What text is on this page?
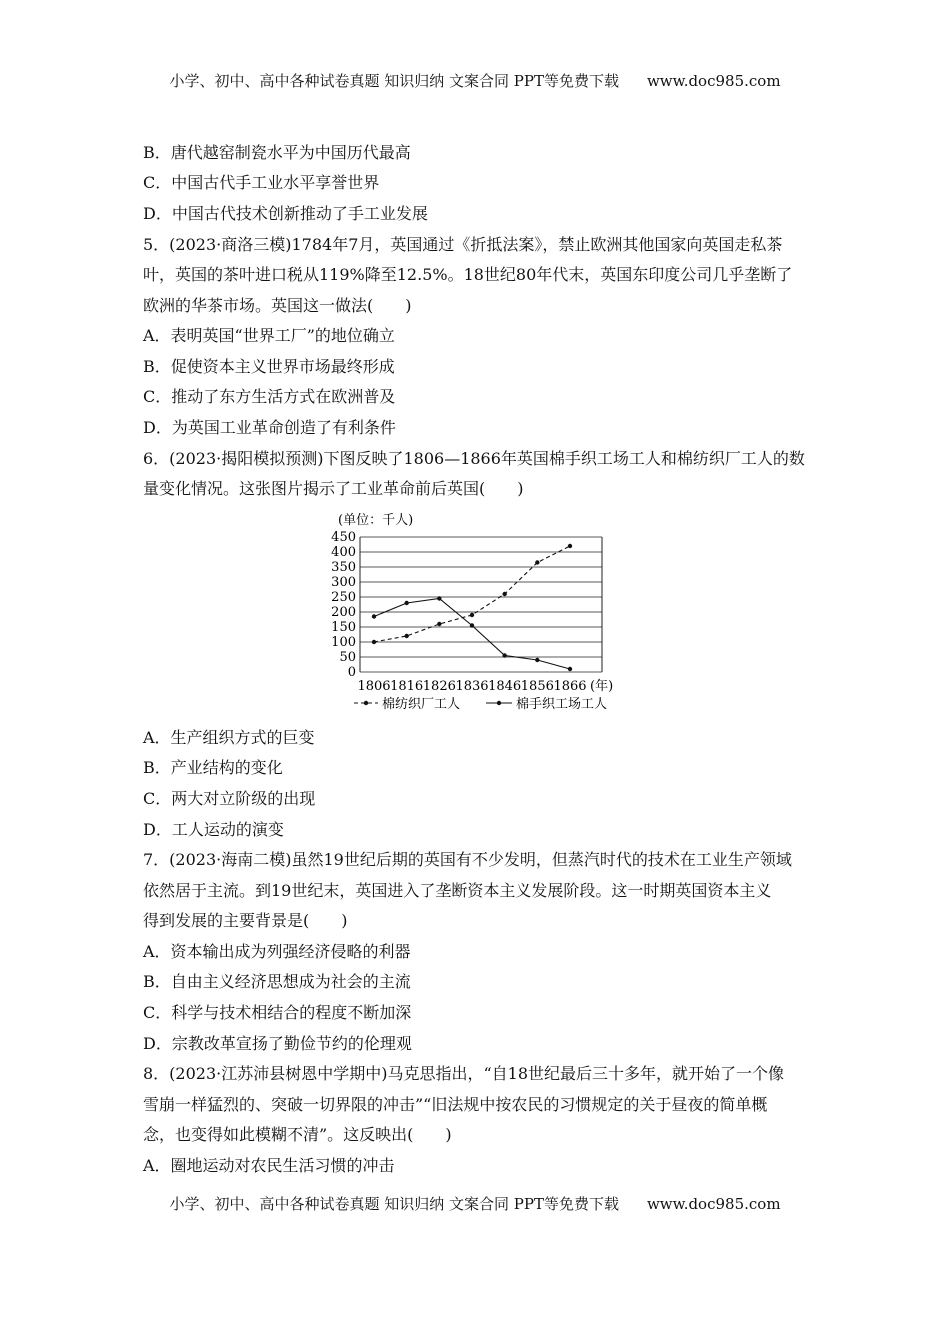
小学、初中、高中各种试卷真题 知识归纳 文案合同 PPT等免费下载 www.doc985.com
B．唐代越窑制瓷水平为中国历代最高
C．中国古代手工业水平享誉世界
D．中国古代技术创新推动了手工业发展
5．(2023·商洛三模)1784年7月，英国通过《折抵法案》，禁止欧洲其他国家向英国走私茶
叶，英国的茶叶进口税从119%降至12.5%。18世纪80年代末，英国东印度公司几乎垄断了
欧洲的华茶市场。英国这一做法(　　)
A．表明英国“世界工厂”的地位确立
B．促使资本主义世界市场最终形成
C．推动了东方生活方式在欧洲普及
D．为英国工业革命创造了有利条件
6．(2023·揭阳模拟预测)下图反映了1806—1866年英国棉手织工场工人和棉纺织厂工人的数
量变化情况。这张图片揭示了工业革命前后英国(　　)
(单位：千人)
0
50
100
150
200
250
300
350
400
450
1806 1816 1826 1836 1846 1856 1866 (年)
棉纺织厂工人	棉手织工场工人
A．生产组织方式的巨变
B．产业结构的变化
C．两大对立阶级的出现
D．工人运动的演变
7．(2023·海南二模)虽然19世纪后期的英国有不少发明，但蒸汽时代的技术在工业生产领域
依然居于主流。到19世纪末，英国进入了垄断资本主义发展阶段。这一时期英国资本主义
得到发展的主要背景是(　　)
A．资本输出成为列强经济侵略的利器
B．自由主义经济思想成为社会的主流
C．科学与技术相结合的程度不断加深
D．宗教改革宣扬了勤俭节约的伦理观
8．(2023·江苏沛县树恩中学期中)马克思指出，“自18世纪最后三十多年，就开始了一个像
雪崩一样猛烈的、突破一切界限的冲击”“旧法规中按农民的习惯规定的关于昼夜的简单概
念，也变得如此模糊不清”。这反映出(　　)
A．圈地运动对农民生活习惯的冲击
小学、初中、高中各种试卷真题 知识归纳 文案合同 PPT等免费下载 www.doc985.com
